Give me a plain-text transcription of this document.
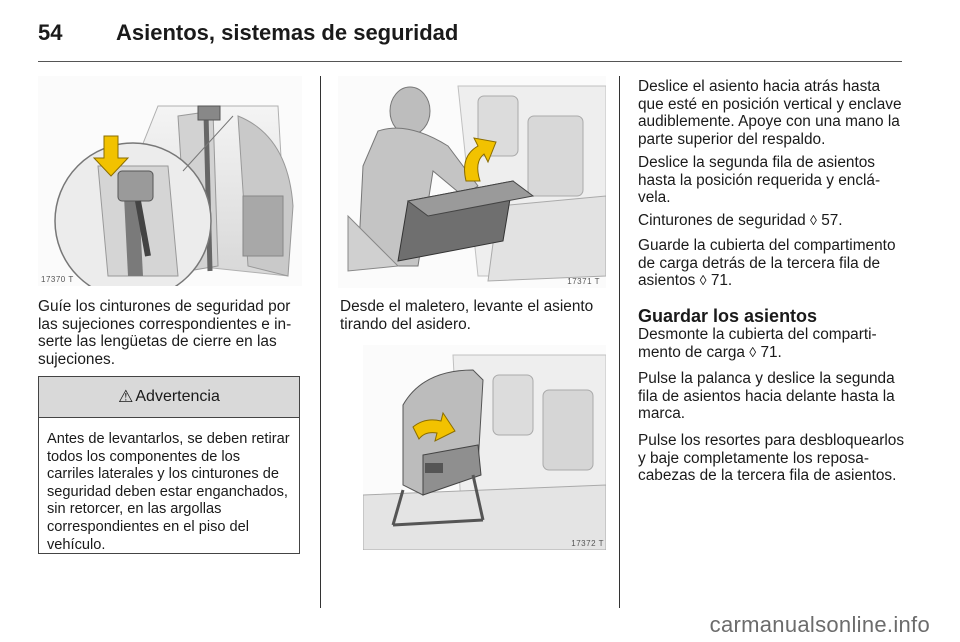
54 Asientos, sistemas de seguridad
17370 T

Guíe los cinturones de seguridad por las sujeciones correspondientes e inserte las lengüetas de cierre en las sujeciones.

⚠ Advertencia

Antes de levantarlos, se deben retirar todos los componentes de los carriles laterales y los cinturones de seguridad deben estar enganchados, sin retorcer, en las argollas correspondientes en el piso del vehículo.

17371 T

Desde el maletero, levante el asiento tirando del asidero.

17372 T

Deslice el asiento hacia atrás hasta que esté en posición vertical y enclave audiblemente. Apoye con una mano la parte superior del respaldo.

Deslice la segunda fila de asientos hasta la posición requerida y enclávela.

Cinturones de seguridad ◊ 57.

Guarde la cubierta del compartimento de carga detrás de la tercera fila de asientos ◊ 71.

Guardar los asientos

Desmonte la cubierta del compartimento de carga ◊ 71.

Pulse la palanca y deslice la segunda fila de asientos hacia delante hasta la marca.

Pulse los resortes para desbloquearlos y baje completamente los reposacabezas de la tercera fila de asientos.

carmanualsonline.info
